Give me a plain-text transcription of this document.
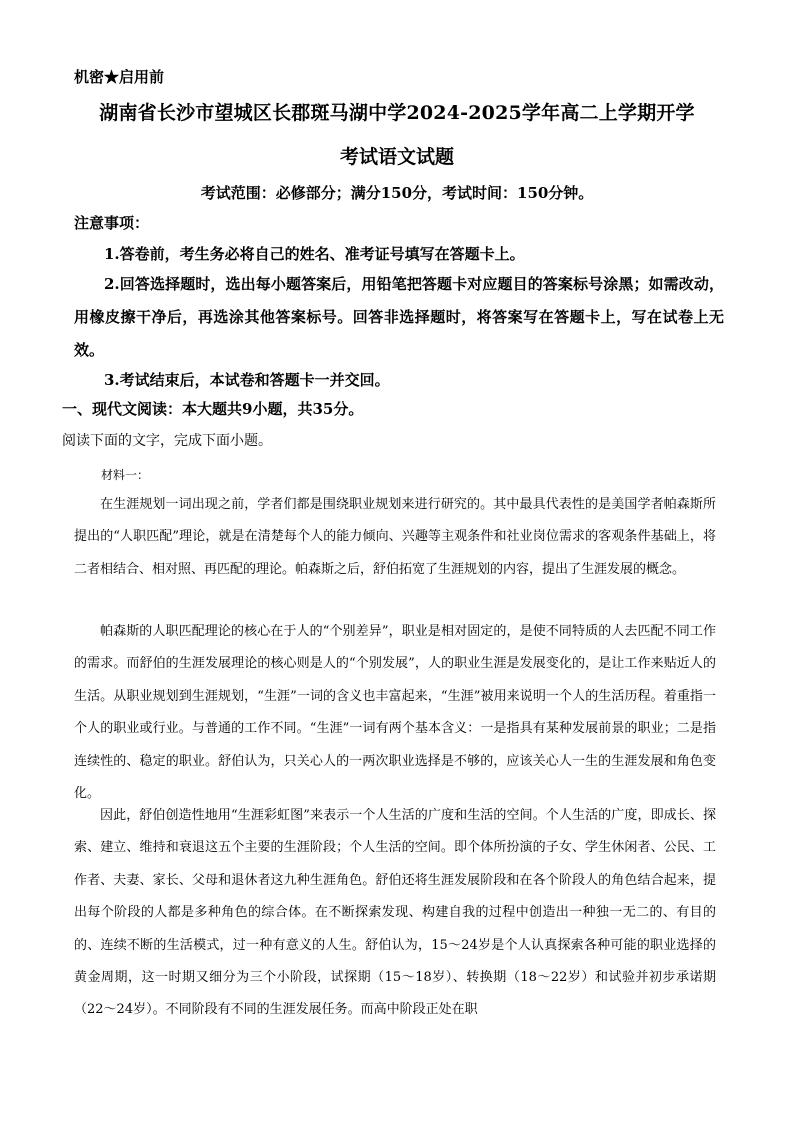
机密★启用前
湖南省长沙市望城区长郡斑马湖中学2024-2025学年高二上学期开学
考试语文试题
考试范围：必修部分；满分150分，考试时间：150分钟。
注意事项：
1.答卷前，考生务必将自己的姓名、准考证号填写在答题卡上。
2.回答选择题时，选出每小题答案后，用铅笔把答题卡对应题目的答案标号涂黑；如需改动，用橡皮擦干净后，再选涂其他答案标号。回答非选择题时，将答案写在答题卡上，写在试卷上无效。
3.考试结束后，本试卷和答题卡一并交回。
一、现代文阅读：本大题共9小题，共35分。
阅读下面的文字，完成下面小题。
材料一：
在生涯规划一词出现之前，学者们都是围绕职业规划来进行研究的。其中最具代表性的是美国学者帕森斯所提出的“人职匹配”理论，就是在清楚每个人的能力倾向、兴趣等主观条件和社业岗位需求的客观条件基础上，将二者相结合、相对照、再匹配的理论。帕森斯之后，舒伯拓宽了生涯规划的内容，提出了生涯发展的概念。
帕森斯的人职匹配理论的核心在于人的“个别差异”，职业是相对固定的，是使不同特质的人去匹配不同工作的需求。而舒伯的生涯发展理论的核心则是人的“个别发展”，人的职业生涯是发展变化的，是让工作来贴近人的生活。从职业规划到生涯规划，“生涯”一词的含义也丰富起来，“生涯”被用来说明一个人的生活历程。着重指一个人的职业或行业。与普通的工作不同。“生涯”一词有两个基本含义：一是指具有某种发展前景的职业；二是指连续性的、稳定的职业。舒伯认为，只关心人的一两次职业选择是不够的，应该关心人一生的生涯发展和角色变化。
因此，舒伯创造性地用“生涯彩虹图”来表示一个人生活的广度和生活的空间。个人生活的广度，即成长、探索、建立、维持和衰退这五个主要的生涯阶段；个人生活的空间。即个体所扮演的子女、学生休闲者、公民、工作者、夫妻、家长、父母和退休者这九种生涯角色。舒伯还将生涯发展阶段和在各个阶段人的角色结合起来，提出每个阶段的人都是多种角色的综合体。在不断探索发现、构建自我的过程中创造出一种独一无二的、有目的的、连续不断的生活模式，过一种有意义的人生。舒伯认为，15～24岁是个人认真探索各种可能的职业选择的黄金周期，这一时期又细分为三个小阶段，试探期（15～18岁）、转换期（18～22岁）和试验并初步承诺期（22～24岁）。不同阶段有不同的生涯发展任务。而高中阶段正处在职
